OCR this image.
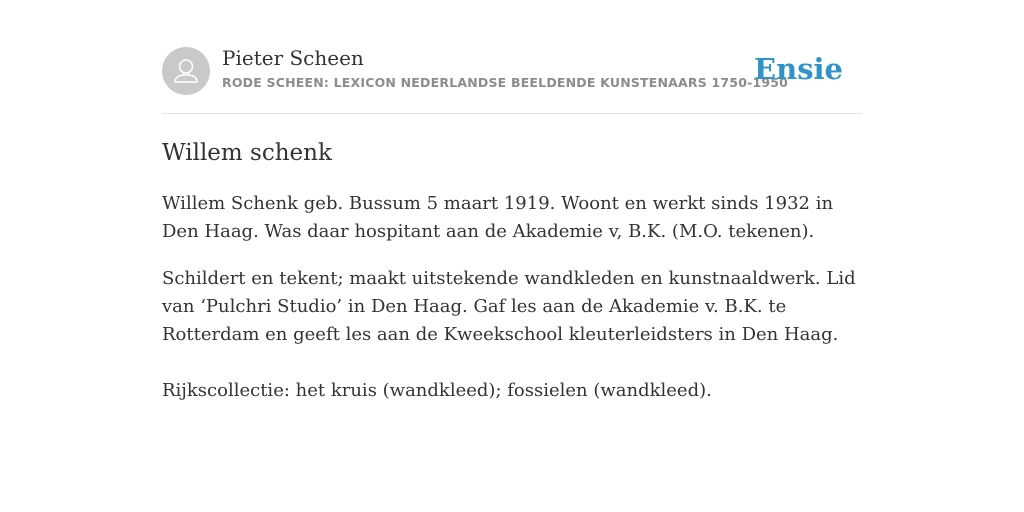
Pieter Scheen
RODE SCHEEN: LEXICON NEDERLANDSE BEELDENDE KUNSTENAARS 1750-1950
Ensie
Willem schenk

Willem Schenk geb. Bussum 5 maart 1919. Woont en werkt sinds 1932 in Den Haag. Was daar hospitant aan de Akademie v, B.K. (M.O. tekenen).

Schildert en tekent; maakt uitstekende wandkleden en kunstnaaldwerk. Lid van ‘Pulchri Studio’ in Den Haag. Gaf les aan de Akademie v. B.K. te Rotterdam en geeft les aan de Kweekschool kleuterleidsters in Den Haag.

Rijkscollectie: het kruis (wandkleed); fossielen (wandkleed).
